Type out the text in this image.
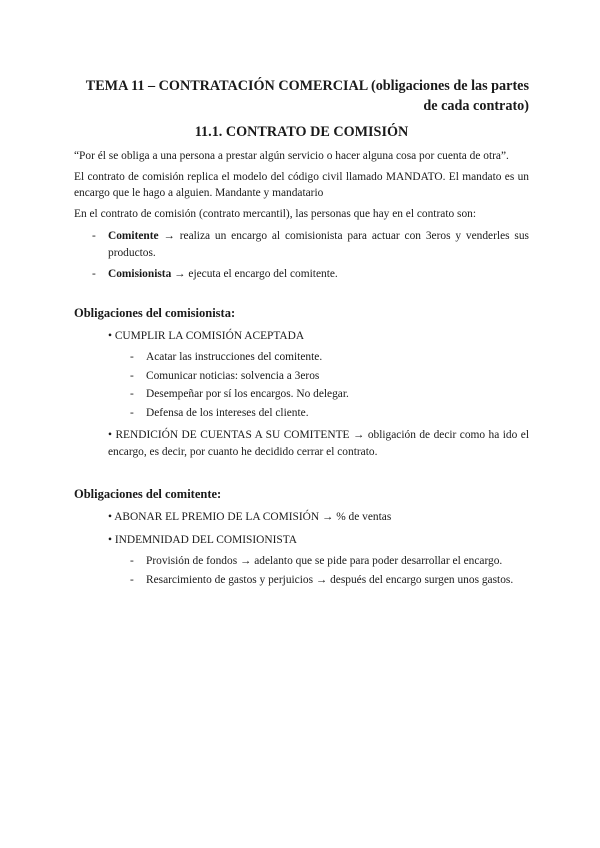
TEMA 11 – CONTRATACIÓN COMERCIAL (obligaciones de las partes de cada contrato)
11.1. CONTRATO DE COMISIÓN

“Por él se obliga a una persona a prestar algún servicio o hacer alguna cosa por cuenta de otra”.

El contrato de comisión replica el modelo del código civil llamado MANDATO. El mandato es un encargo que le hago a alguien. Mandante y mandatario

En el contrato de comisión (contrato mercantil), las personas que hay en el contrato son:

- Comitente → realiza un encargo al comisionista para actuar con 3eros y venderles sus productos.
- Comisionista → ejecuta el encargo del comitente.
Obligaciones del comisionista:
• CUMPLIR LA COMISIÓN ACEPTADA
- Acatar las instrucciones del comitente.
- Comunicar noticias: solvencia a 3eros
- Desempeñar por sí los encargos. No delegar.
- Defensa de los intereses del cliente.
• RENDICIÓN DE CUENTAS A SU COMITENTE → obligación de decir como ha ido el encargo, es decir, por cuanto he decidido cerrar el contrato.
Obligaciones del comitente:
• ABONAR EL PREMIO DE LA COMISIÓN → % de ventas
• INDEMNIDAD DEL COMISIONISTA
- Provisión de fondos → adelanto que se pide para poder desarrollar el encargo.
- Resarcimiento de gastos y perjuicios → después del encargo surgen unos gastos.
